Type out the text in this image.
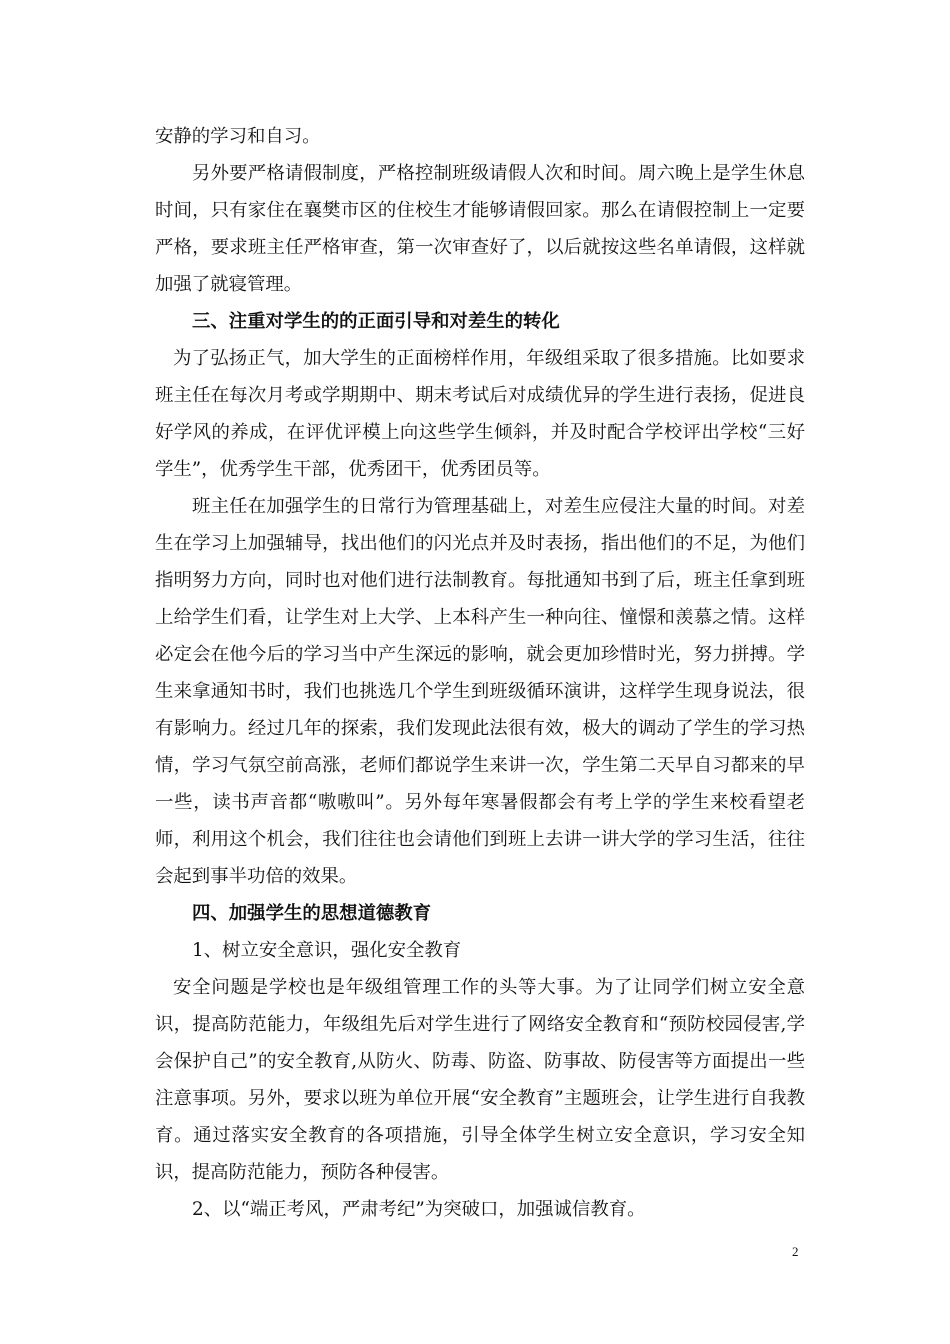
安静的学习和自习。

另外要严格请假制度，严格控制班级请假人次和时间。周六晚上是学生休息时间，只有家住在襄樊市区的住校生才能够请假回家。那么在请假控制上一定要严格，要求班主任严格审查，第一次审查好了，以后就按这些名单请假，这样就加强了就寝管理。

三、注重对学生的的正面引导和对差生的转化

为了弘扬正气，加大学生的正面榜样作用，年级组采取了很多措施。比如要求班主任在每次月考或学期期中、期末考试后对成绩优异的学生进行表扬，促进良好学风的养成，在评优评模上向这些学生倾斜，并及时配合学校评出学校“三好学生”，优秀学生干部，优秀团干，优秀团员等。

班主任在加强学生的日常行为管理基础上，对差生应侵注大量的时间。对差生在学习上加强辅导，找出他们的闪光点并及时表扬，指出他们的不足，为他们指明努力方向，同时也对他们进行法制教育。每批通知书到了后，班主任拿到班上给学生们看，让学生对上大学、上本科产生一种向往、憧憬和羡慕之情。这样必定会在他今后的学习当中产生深远的影响，就会更加珍惜时光，努力拼搏。学生来拿通知书时，我们也挑选几个学生到班级循环演讲，这样学生现身说法，很有影响力。经过几年的探索，我们发现此法很有效，极大的调动了学生的学习热情，学习气氛空前高涨，老师们都说学生来讲一次，学生第二天早自习都来的早一些，读书声音都“嗷嗷叫”。另外每年寒暑假都会有考上学的学生来校看望老师，利用这个机会，我们往往也会请他们到班上去讲一讲大学的学习生活，往往会起到事半功倍的效果。

四、加强学生的思想道德教育

1、树立安全意识，强化安全教育

安全问题是学校也是年级组管理工作的头等大事。为了让同学们树立安全意识，提高防范能力，年级组先后对学生进行了网络安全教育和“预防校园侵害,学会保护自己”的安全教育,从防火、防毒、防盗、防事故、防侵害等方面提出一些注意事项。另外，要求以班为单位开展“安全教育”主题班会，让学生进行自我教育。通过落实安全教育的各项措施，引导全体学生树立安全意识，学习安全知识，提高防范能力，预防各种侵害。

2、以“端正考风，严肃考纪”为突破口，加强诚信教育。

2
